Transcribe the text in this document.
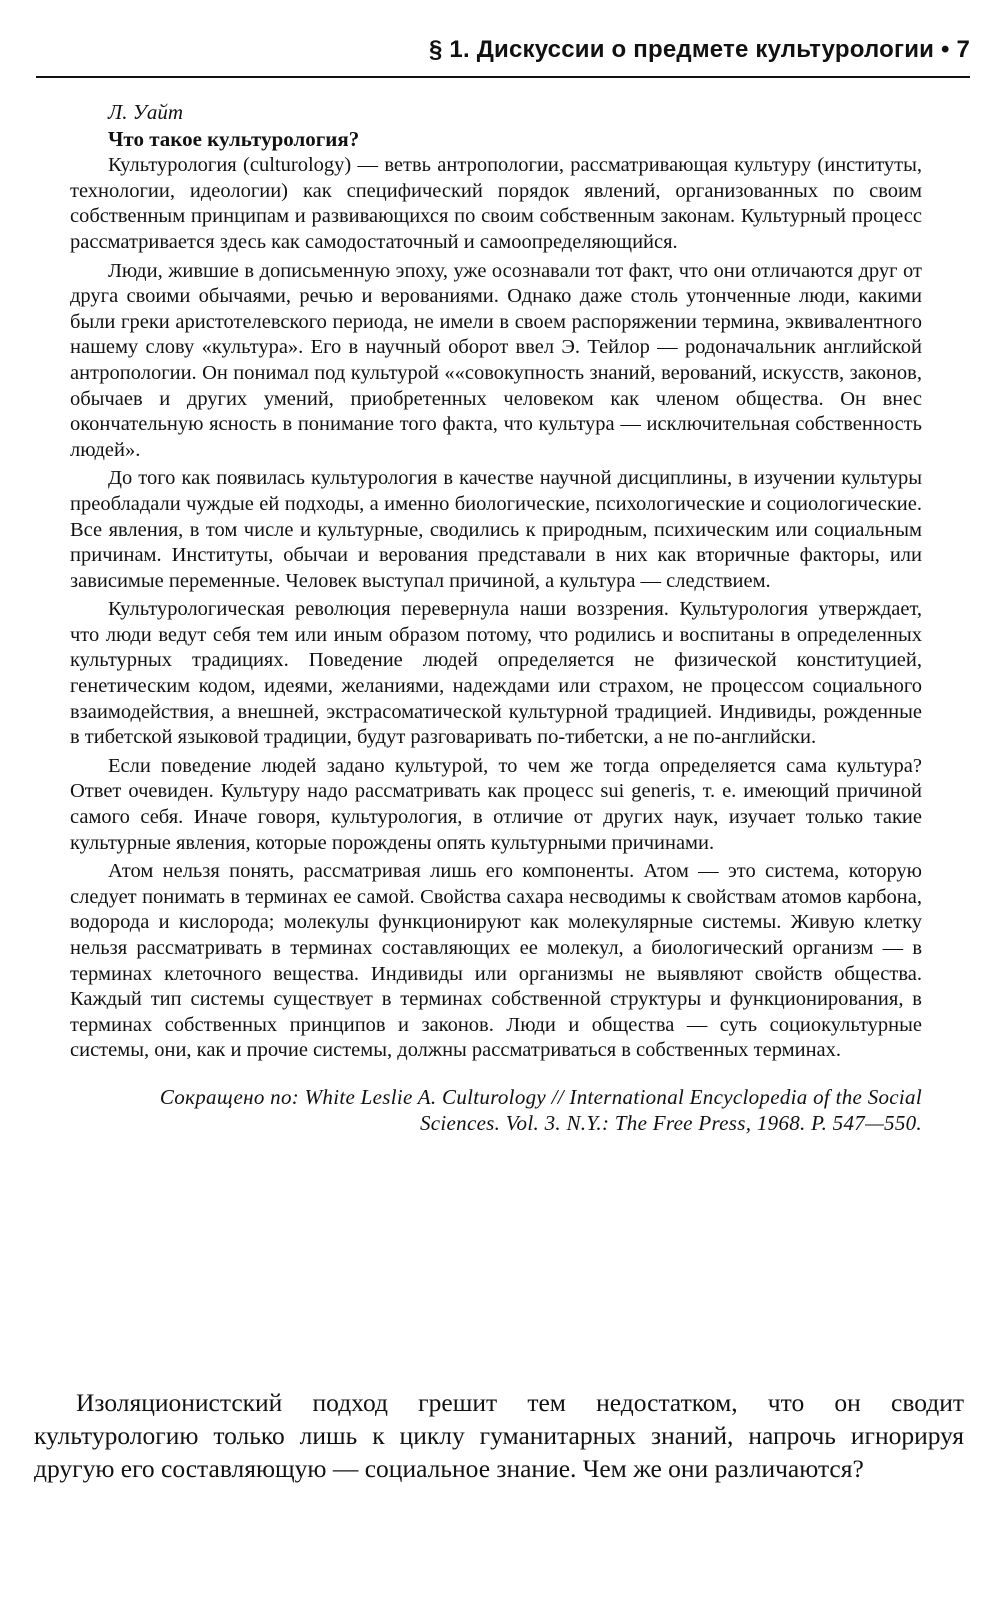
§ 1. Дискуссии о предмете культурологии • 7
Л. Уайт
Что такое культурология?

Культурология (culturology) — ветвь антропологии, рассматривающая культуру (институты, технологии, идеологии) как специфический порядок явлений, организованных по своим собственным принципам и развивающихся по своим собственным законам. Культурный процесс рассматривается здесь как самодостаточный и самоопределяющийся.

Люди, жившие в дописьменную эпоху, уже осознавали тот факт, что они отличаются друг от друга своими обычаями, речью и верованиями. Однако даже столь утонченные люди, какими были греки аристотелевского периода, не имели в своем распоряжении термина, эквивалентного нашему слову «культура». Его в научный оборот ввел Э. Тейлор — родоначальник английской антропологии. Он понимал под культурой ««совокупность знаний, верований, искусств, законов, обычаев и других умений, приобретенных человеком как членом общества. Он внес окончательную ясность в понимание того факта, что культура — исключительная собственность людей».

До того как появилась культурология в качестве научной дисциплины, в изучении культуры преобладали чуждые ей подходы, а именно биологические, психологические и социологические. Все явления, в том числе и культурные, сводились к природным, психическим или социальным причинам. Институты, обычаи и верования представали в них как вторичные факторы, или зависимые переменные. Человек выступал причиной, а культура — следствием.

Культурологическая революция перевернула наши воззрения. Культурология утверждает, что люди ведут себя тем или иным образом потому, что родились и воспитаны в определенных культурных традициях. Поведение людей определяется не физической конституцией, генетическим кодом, идеями, желаниями, надеждами или страхом, не процессом социального взаимодействия, а внешней, экстрасоматической культурной традицией. Индивиды, рожденные в тибетской языковой традиции, будут разговаривать по-тибетски, а не по-английски.

Если поведение людей задано культурой, то чем же тогда определяется сама культура? Ответ очевиден. Культуру надо рассматривать как процесс sui generis, т. е. имеющий причиной самого себя. Иначе говоря, культурология, в отличие от других наук, изучает только такие культурные явления, которые порождены опять культурными причинами.

Атом нельзя понять, рассматривая лишь его компоненты. Атом — это система, которую следует понимать в терминах ее самой. Свойства сахара несводимы к свойствам атомов карбона, водорода и кислорода; молекулы функционируют как молекулярные системы. Живую клетку нельзя рассматривать в терминах составляющих ее молекул, а биологический организм — в терминах клеточного вещества. Индивиды или организмы не выявляют свойств общества. Каждый тип системы существует в терминах собственной структуры и функционирования, в терминах собственных принципов и законов. Люди и общества — суть социокультурные системы, они, как и прочие системы, должны рассматриваться в собственных терминах.

Сокращено по: White Leslie A. Culturology // International Encyclopedia of the Social Sciences. Vol. 3. N.Y.: The Free Press, 1968. P. 547—550.

Изоляционистский подход грешит тем недостатком, что он сводит культурологию только лишь к циклу гуманитарных знаний, напрочь игнорируя другую его составляющую — социальное знание. Чем же они различаются?
